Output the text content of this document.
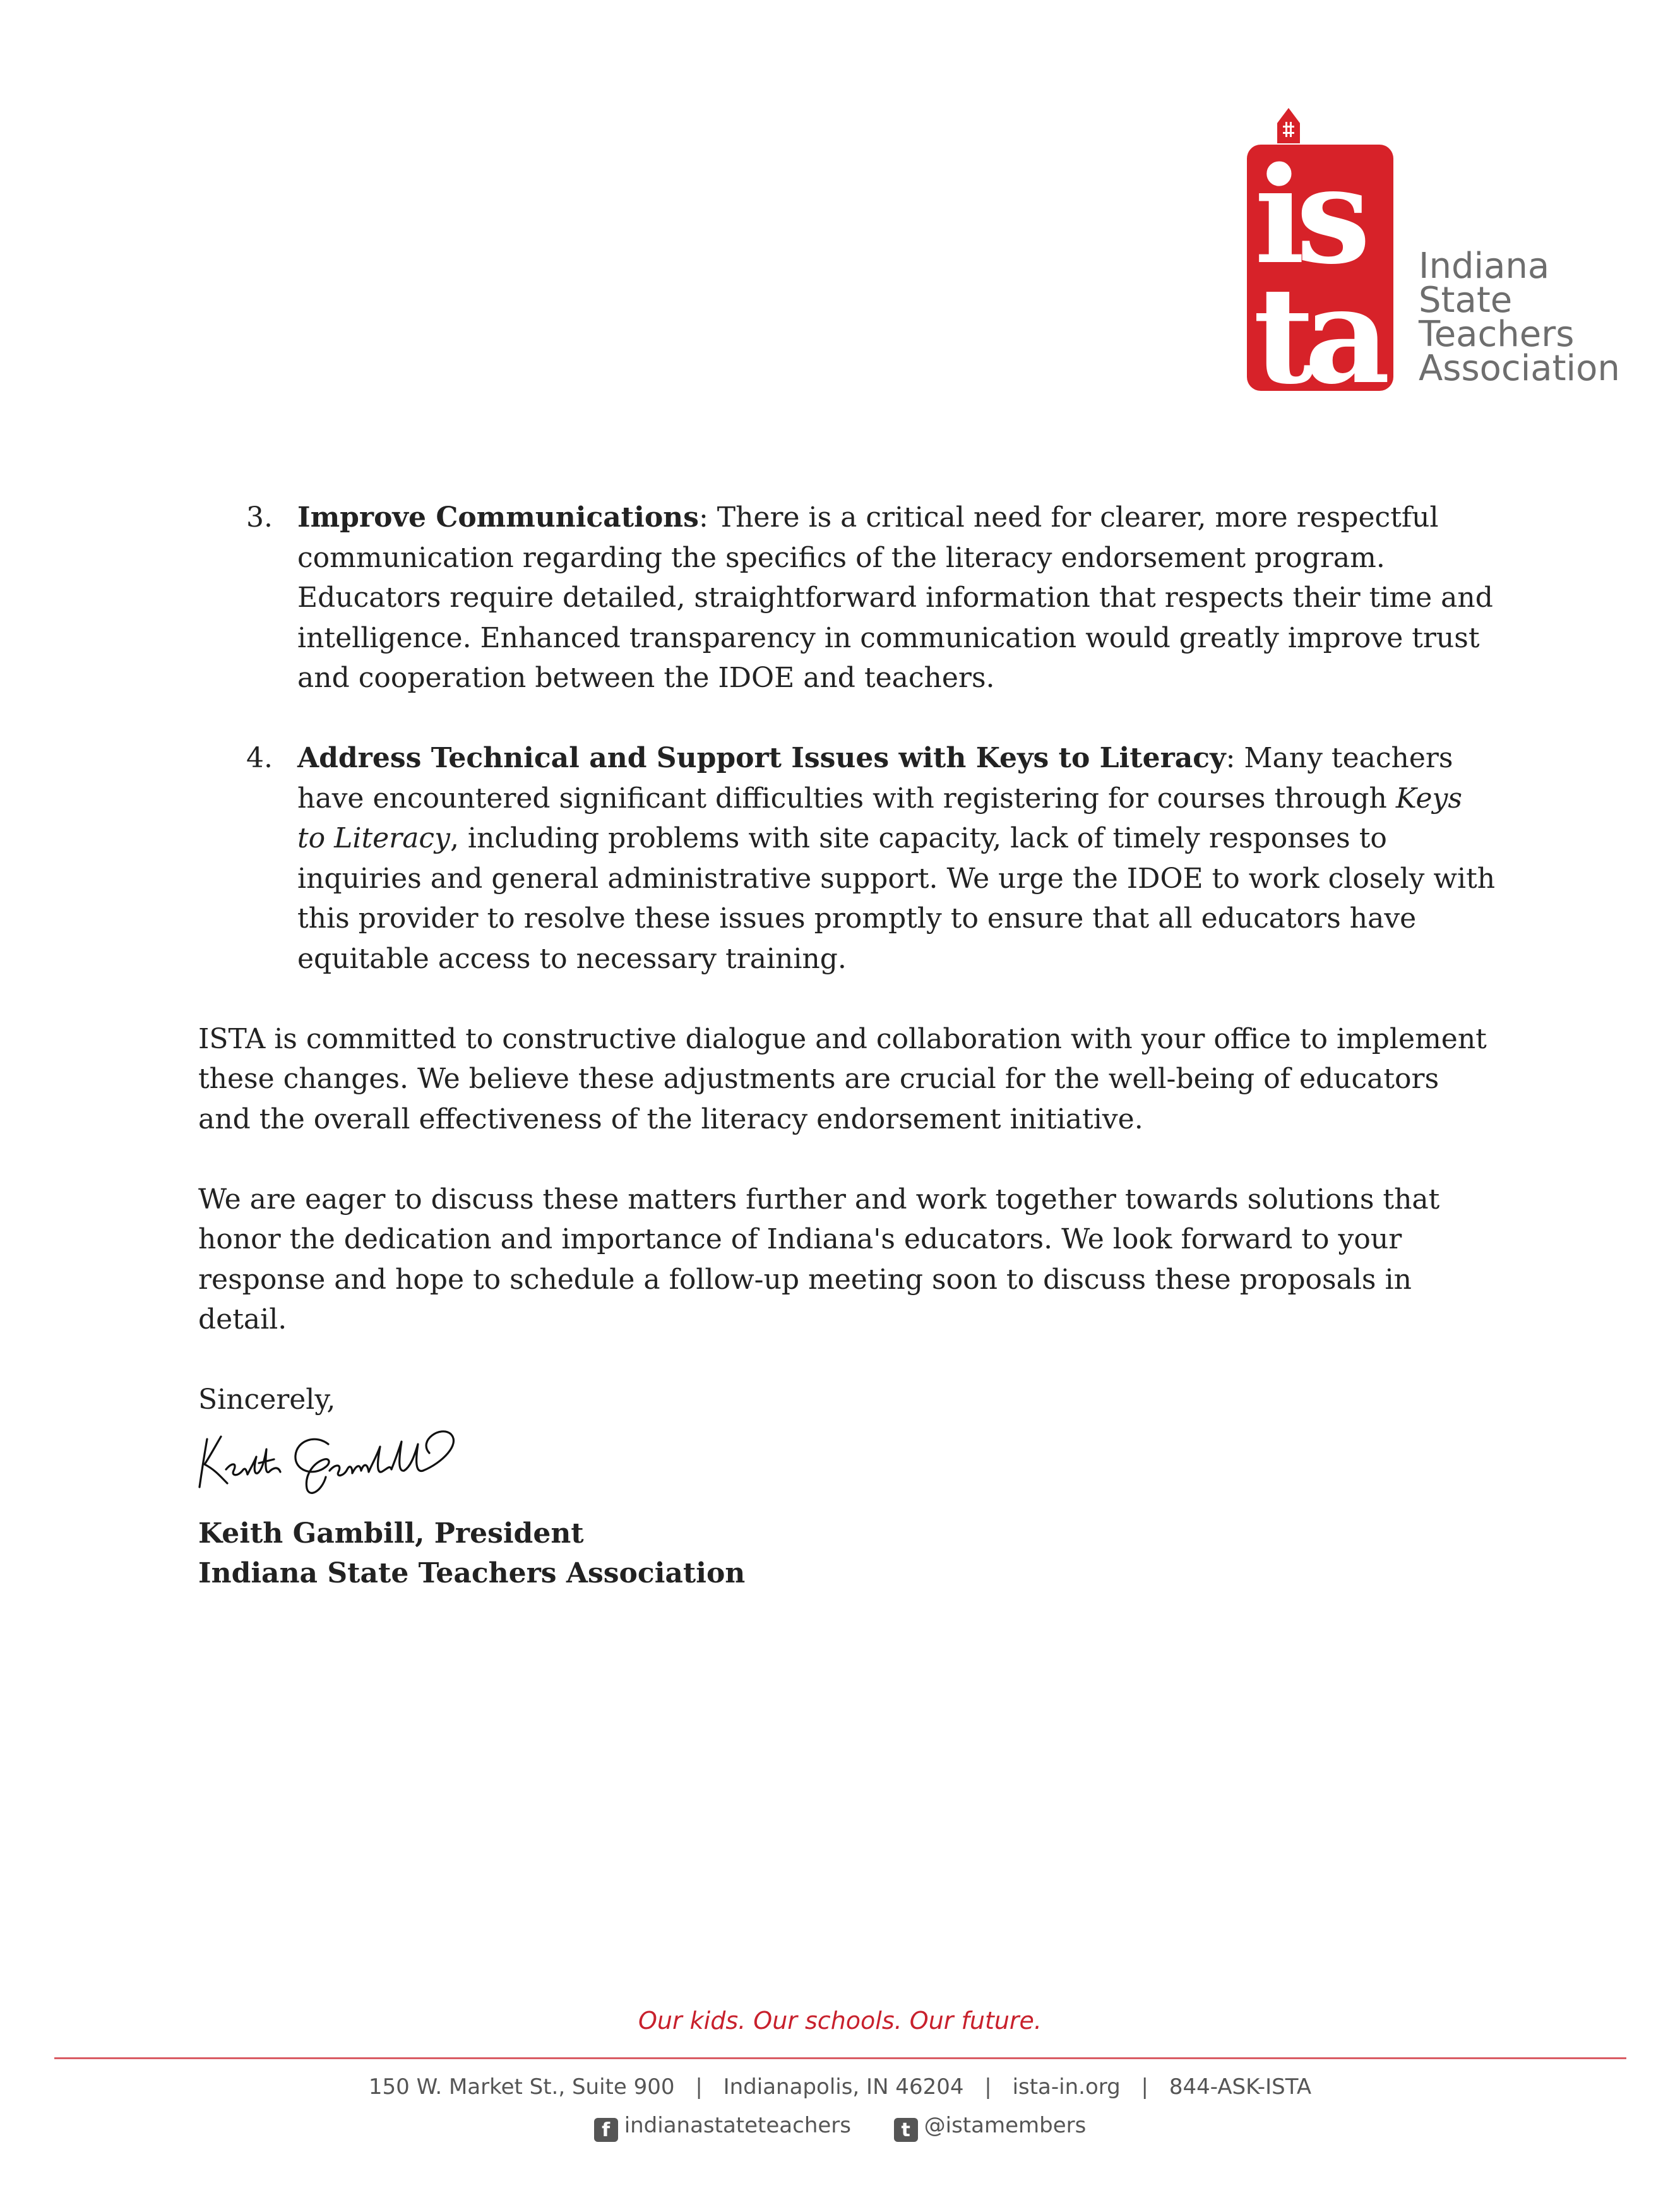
is
ta Indiana
State
Teachers
Association
3. Improve Communications: There is a critical need for clearer, more respectful communication regarding the specifics of the literacy endorsement program. Educators require detailed, straightforward information that respects their time and intelligence. Enhanced transparency in communication would greatly improve trust and cooperation between the IDOE and teachers.
4. Address Technical and Support Issues with Keys to Literacy: Many teachers have encountered significant difficulties with registering for courses through Keys to Literacy, including problems with site capacity, lack of timely responses to inquiries and general administrative support. We urge the IDOE to work closely with this provider to resolve these issues promptly to ensure that all educators have equitable access to necessary training.

ISTA is committed to constructive dialogue and collaboration with your office to implement these changes. We believe these adjustments are crucial for the well-being of educators and the overall effectiveness of the literacy endorsement initiative.

We are eager to discuss these matters further and work together towards solutions that honor the dedication and importance of Indiana's educators. We look forward to your response and hope to schedule a follow-up meeting soon to discuss these proposals in detail.

Sincerely,
Keith Gambill, President
Indiana State Teachers Association
Our kids. Our schools. Our future.
150 W. Market St., Suite 900 | Indianapolis, IN 46204 | ista-in.org | 844-ASK-ISTA
f indianastateteachers	t @istamembers
